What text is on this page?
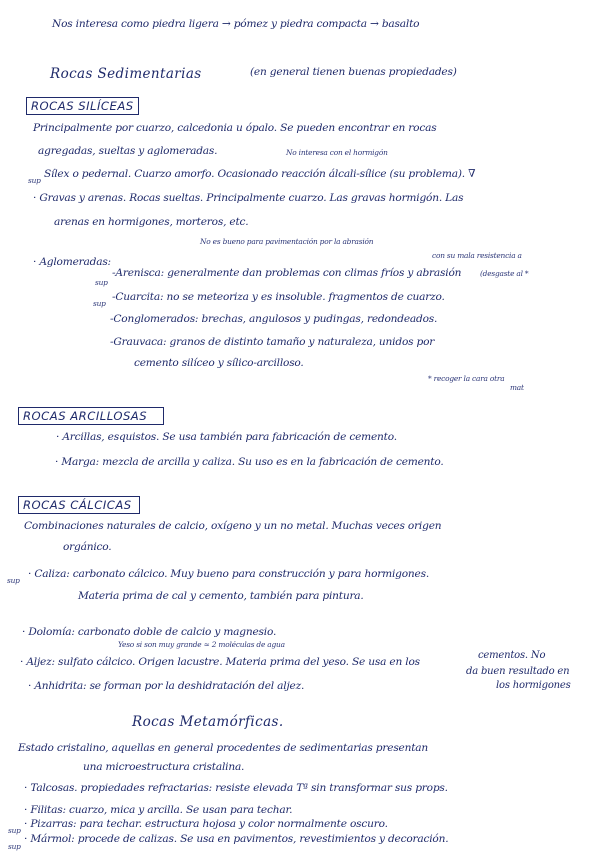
Nos interesa como piedra ligera → pómez y piedra compacta → basalto
Rocas Sedimentarias	(en general tienen buenas propiedades)
ROCAS SILÍCEAS
Principalmente por cuarzo, calcedonia u ópalo. Se pueden encontrar en rocas
agregadas, sueltas y aglomeradas.	No interesa con el hormigón
sup
Sílex o pedernal. Cuarzo amorfo. Ocasionado reacción álcali-sílice (su problema). ∇
· Gravas y arenas. Rocas sueltas. Principalmente cuarzo. Las gravas hormigón. Las
arenas en hormigones, morteros, etc.
No es bueno para pavimentación por la abrasión
· Aglomeradas:
con su mala resistencia a
sup
-Arenisca: generalmente dan problemas con climas fríos y abrasión	(desgaste al *
sup
-Cuarcita: no se meteoriza y es insoluble. fragmentos de cuarzo.
-Conglomerados: brechas, angulosos y pudingas, redondeados.
-Grauvaca: granos de distinto tamaño y naturaleza, unidos por
cemento silíceo y sílico-arcilloso.
* recoger la cara otra
mat
ROCAS ARCILLOSAS
· Arcillas, esquistos. Se usa también para fabricación de cemento.
· Marga: mezcla de arcilla y caliza. Su uso es en la fabricación de cemento.
ROCAS CÁLCICAS
Combinaciones naturales de calcio, oxígeno y un no metal. Muchas veces origen
orgánico.
sup
· Caliza: carbonato cálcico. Muy bueno para construcción y para hormigones.
Materia prima de cal y cemento, también para pintura.
· Dolomía: carbonato doble de calcio y magnesio.
Yeso si son muy grande ≈ 2 moléculas de agua
· Aljez: sulfato cálcico. Origen lacustre. Materia prima del yeso. Se usa en los
cementos. No
da buen resultado en
los hormigones
· Anhidrita: se forman por la deshidratación del aljez.
Rocas Metamórficas.
Estado cristalino, aquellas en general procedentes de sedimentarias presentan
una microestructura cristalina.
· Talcosas. propiedades refractarias: resiste elevada Tª sin transformar sus props.
· Filitas: cuarzo, mica y arcilla. Se usan para techar.
sup
· Pizarras: para techar. estructura hojosa y color normalmente oscuro.
sup
· Mármol: procede de calizas. Se usa en pavimentos, revestimientos y decoración.
